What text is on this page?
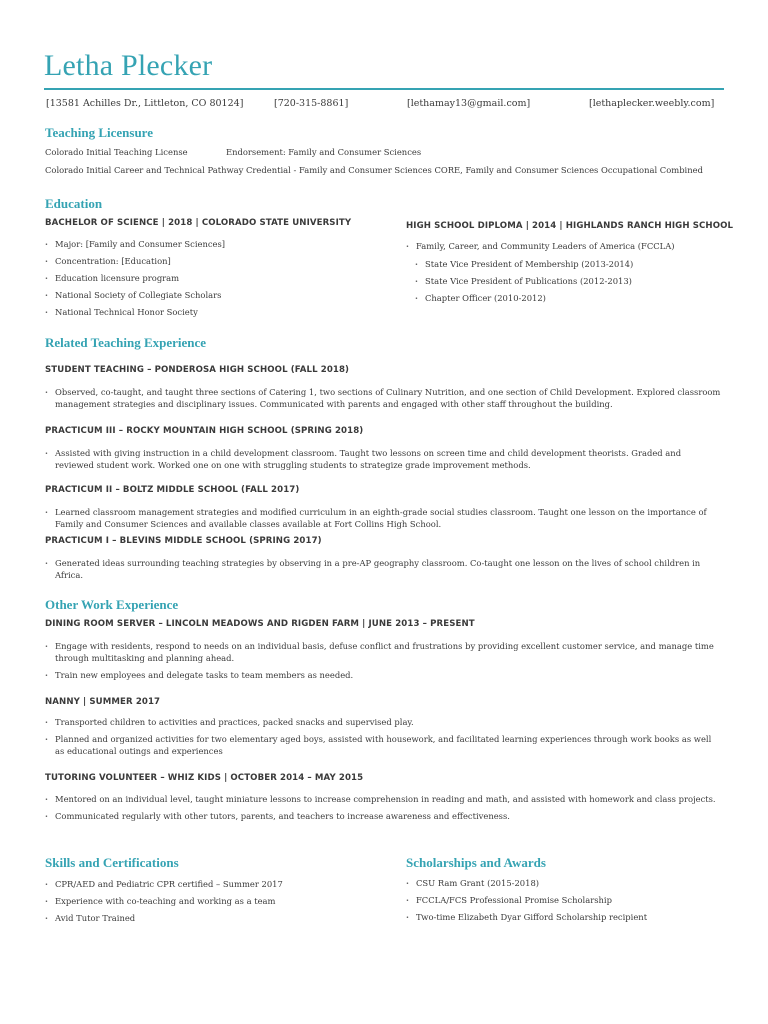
Letha Plecker
[13581 Achilles Dr., Littleton, CO 80124]	[720-315-8861]	[lethamay13@gmail.com]	[lethaplecker.weebly.com]
Teaching Licensure
Colorado Initial Teaching License	Endorsement: Family and Consumer Sciences
Colorado Initial Career and Technical Pathway Credential - Family and Consumer Sciences CORE, Family and Consumer Sciences Occupational Combined
Education
BACHELOR OF SCIENCE | 2018 | COLORADO STATE UNIVERSITY
· Major: [Family and Consumer Sciences]
· Concentration: [Education]
· Education licensure program
· National Society of Collegiate Scholars
· National Technical Honor Society
HIGH SCHOOL DIPLOMA | 2014 | HIGHLANDS RANCH HIGH SCHOOL
· Family, Career, and Community Leaders of America (FCCLA)
· State Vice President of Membership (2013-2014)
· State Vice President of Publications (2012-2013)
· Chapter Officer (2010-2012)
Related Teaching Experience
STUDENT TEACHING – PONDEROSA HIGH SCHOOL (FALL 2018)
· Observed, co-taught, and taught three sections of Catering 1, two sections of Culinary Nutrition, and one section of Child Development. Explored classroom
management strategies and disciplinary issues. Communicated with parents and engaged with other staff throughout the building.
PRACTICUM III – ROCKY MOUNTAIN HIGH SCHOOL (SPRING 2018)
· Assisted with giving instruction in a child development classroom. Taught two lessons on screen time and child development theorists. Graded and
reviewed student work. Worked one on one with struggling students to strategize grade improvement methods.
PRACTICUM II – BOLTZ MIDDLE SCHOOL (FALL 2017)
· Learned classroom management strategies and modified curriculum in an eighth-grade social studies classroom. Taught one lesson on the importance of
Family and Consumer Sciences and available classes available at Fort Collins High School.
PRACTICUM I – BLEVINS MIDDLE SCHOOL (SPRING 2017)
· Generated ideas surrounding teaching strategies by observing in a pre-AP geography classroom. Co-taught one lesson on the lives of school children in
Africa.
Other Work Experience
DINING ROOM SERVER – LINCOLN MEADOWS AND RIGDEN FARM | JUNE 2013 – PRESENT
· Engage with residents, respond to needs on an individual basis, defuse conflict and frustrations by providing excellent customer service, and manage time
through multitasking and planning ahead.
· Train new employees and delegate tasks to team members as needed.
NANNY | SUMMER 2017
· Transported children to activities and practices, packed snacks and supervised play.
· Planned and organized activities for two elementary aged boys, assisted with housework, and facilitated learning experiences through work books as well
as educational outings and experiences
TUTORING VOLUNTEER – WHIZ KIDS | OCTOBER 2014 – MAY 2015
· Mentored on an individual level, taught miniature lessons to increase comprehension in reading and math, and assisted with homework and class projects.
· Communicated regularly with other tutors, parents, and teachers to increase awareness and effectiveness.
Skills and Certifications
· CPR/AED and Pediatric CPR certified – Summer 2017
· Experience with co-teaching and working as a team
· Avid Tutor Trained
Scholarships and Awards
· CSU Ram Grant (2015-2018)
· FCCLA/FCS Professional Promise Scholarship
· Two-time Elizabeth Dyar Gifford Scholarship recipient
